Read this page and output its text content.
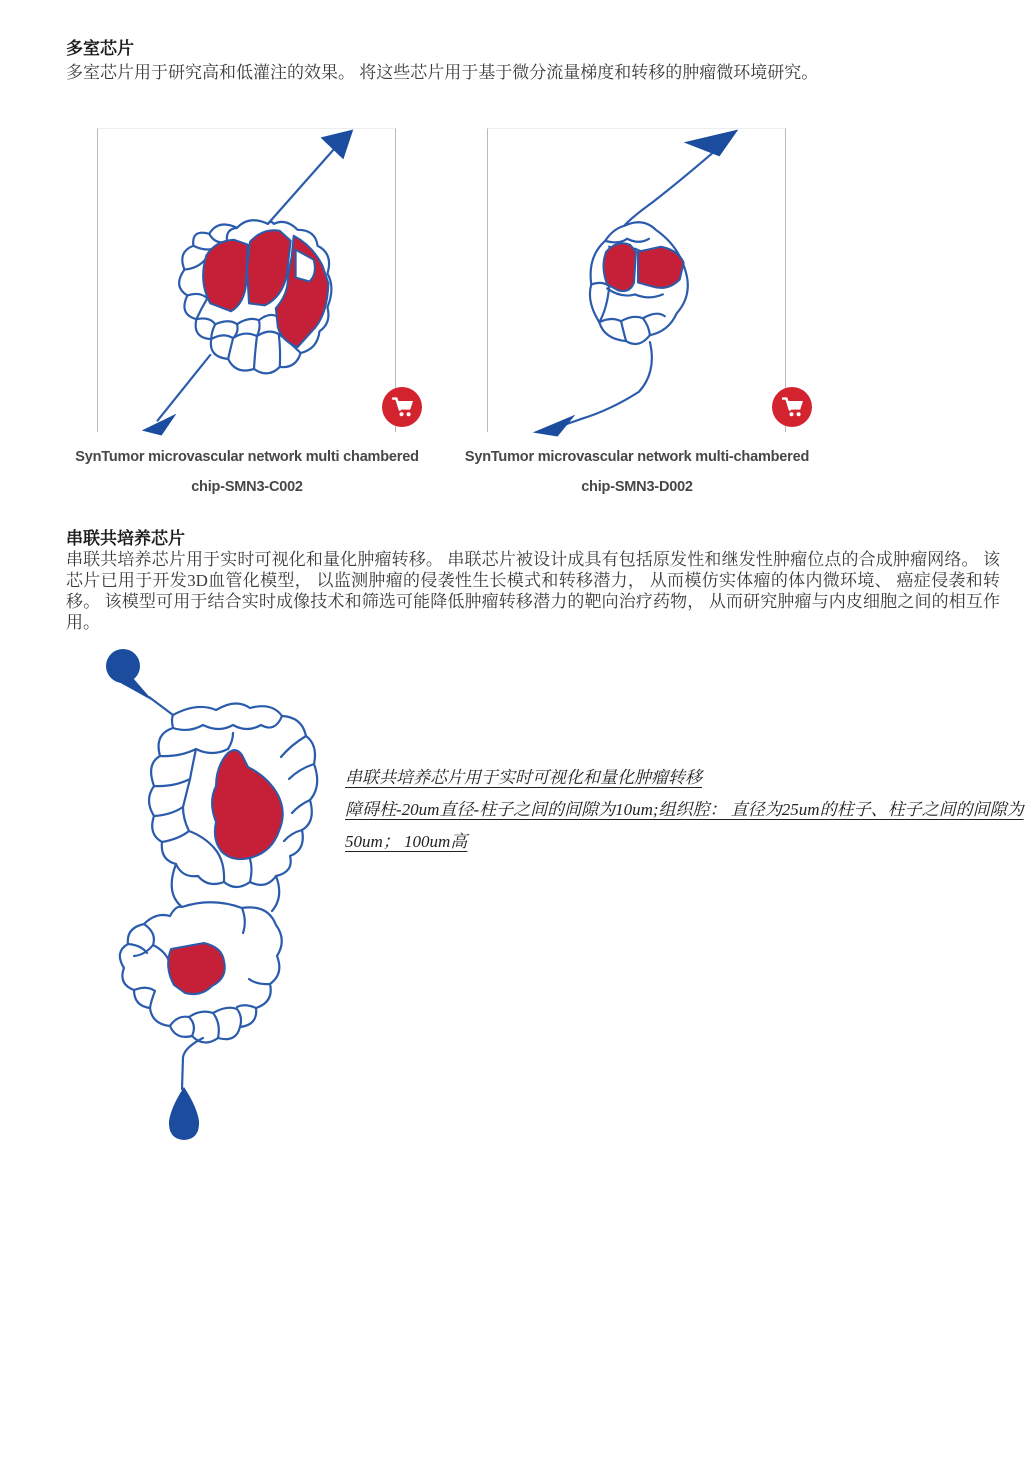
多室芯片

多室芯片用于研究高和低灌注的效果。 将这些芯片用于基于微分流量梯度和转移的肿瘤微环境研究。

SynTumor microvascular network multi chambered
chip-SMN3-C002
SynTumor microvascular network multi-chambered
chip-SMN3-D002
串联共培养芯片

串联共培养芯片用于实时可视化和量化肿瘤转移。 串联芯片被设计成具有包括原发性和继发性肿瘤位点的合成肿瘤网络。 该芯片已用于开发3D血管化模型， 以监测肿瘤的侵袭性生长模式和转移潜力， 从而模仿实体瘤的体内微环境、 癌症侵袭和转移。 该模型可用于结合实时成像技术和筛选可能降低肿瘤转移潜力的靶向治疗药物， 从而研究肿瘤与内皮细胞之间的相互作用。

串联共培养芯片用于实时可视化和量化肿瘤转移

障碍柱-20um直径-柱子之间的间隙为10um;组织腔： 直径为25um的柱子、柱子之间的间隙为50um； 100um高
